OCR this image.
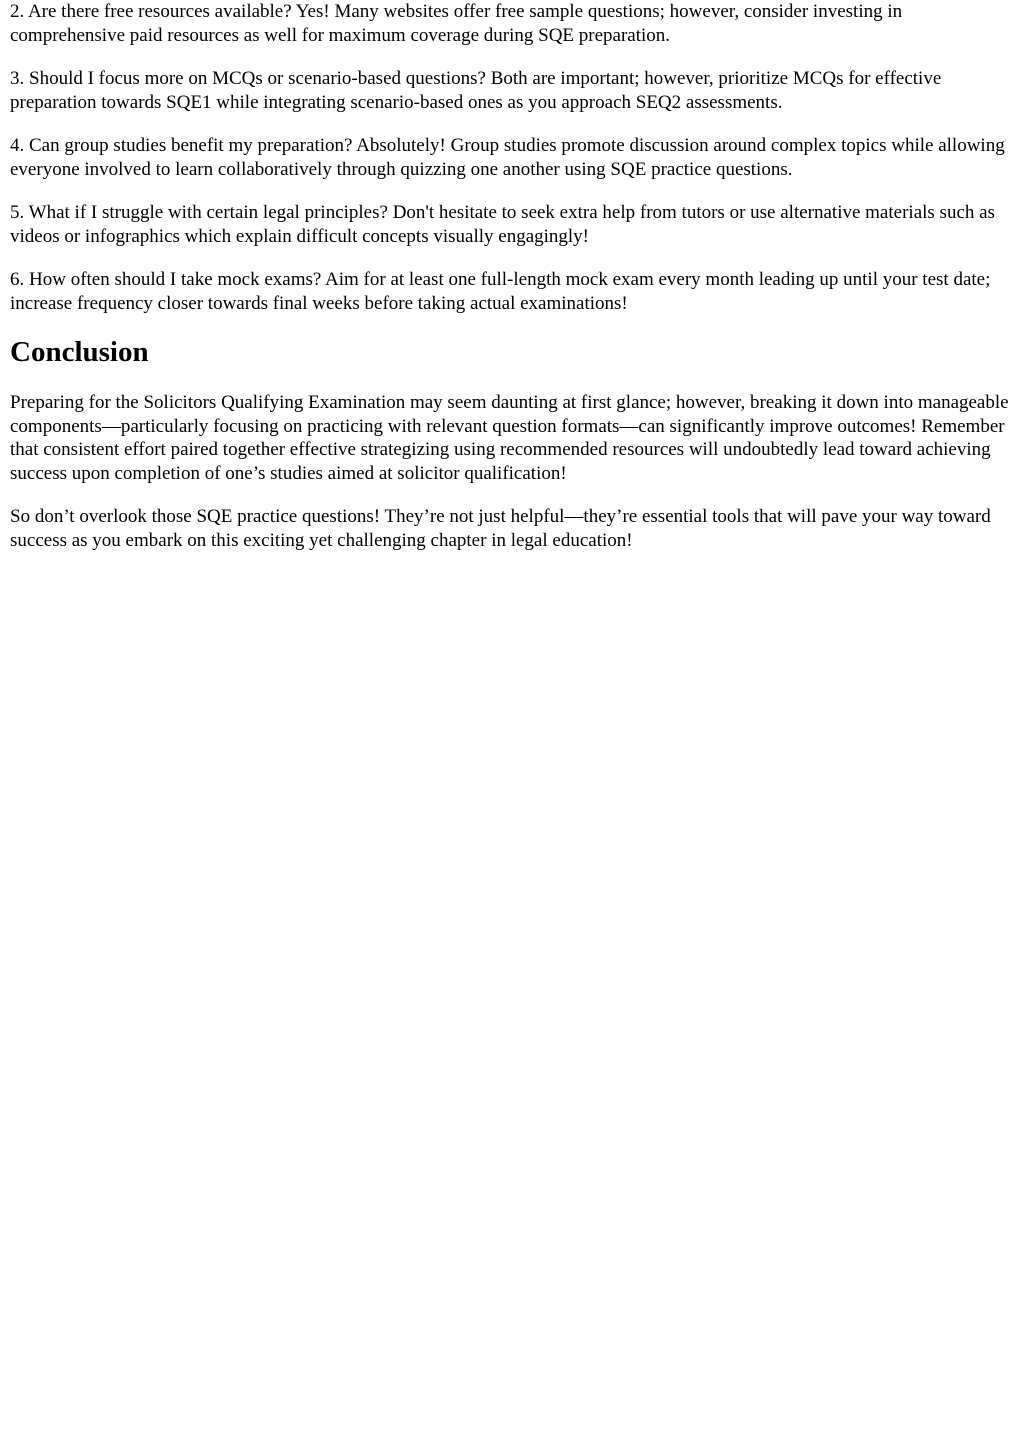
2. Are there free resources available? Yes! Many websites offer free sample questions; however, consider investing in comprehensive paid resources as well for maximum coverage during SQE preparation.

3. Should I focus more on MCQs or scenario-based questions? Both are important; however, prioritize MCQs for effective preparation towards SQE1 while integrating scenario-based ones as you approach SEQ2 assessments.

4. Can group studies benefit my preparation? Absolutely! Group studies promote discussion around complex topics while allowing everyone involved to learn collaboratively through quizzing one another using SQE practice questions.

5. What if I struggle with certain legal principles? Don't hesitate to seek extra help from tutors or use alternative materials such as videos or infographics which explain difficult concepts visually engagingly!

6. How often should I take mock exams? Aim for at least one full-length mock exam every month leading up until your test date; increase frequency closer towards final weeks before taking actual examinations!

Conclusion

Preparing for the Solicitors Qualifying Examination may seem daunting at first glance; however, breaking it down into manageable components—particularly focusing on practicing with relevant question formats—can significantly improve outcomes! Remember that consistent effort paired together effective strategizing using recommended resources will undoubtedly lead toward achieving success upon completion of one’s studies aimed at solicitor qualification!

So don’t overlook those SQE practice questions! They’re not just helpful—they’re essential tools that will pave your way toward success as you embark on this exciting yet challenging chapter in legal education!
